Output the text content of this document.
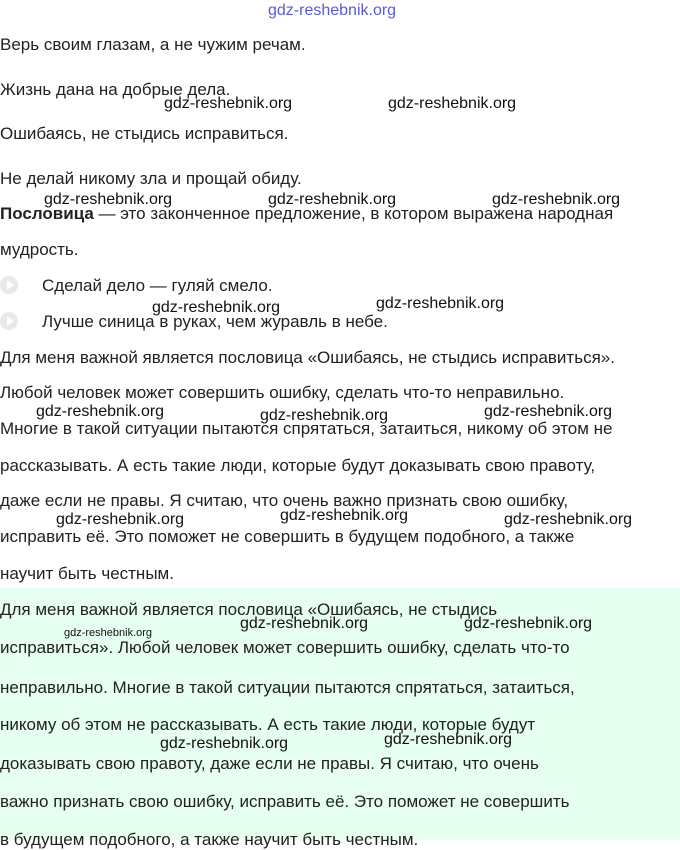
gdz-reshebnik.org
Верь своим глазам, а не чужим речам.
Жизнь дана на добрые дела.
Ошибаясь, не стыдись исправиться.
Не делай никому зла и прощай обиду.
Пословица — это законченное предложение, в котором выражена народная
мудрость.
Сделай дело — гуляй смело.
Лучше синица в руках, чем журавль в небе.
Для меня важной является пословица «Ошибаясь, не стыдись исправиться».
Любой человек может совершить ошибку, сделать что-то неправильно.
Многие в такой ситуации пытаются спрятаться, затаиться, никому об этом не
рассказывать. А есть такие люди, которые будут доказывать свою правоту,
даже если не правы. Я считаю, что очень важно признать свою ошибку,
исправить её. Это поможет не совершить в будущем подобного, а также
научит быть честным.
Для меня важной является пословица «Ошибаясь, не стыдись
исправиться». Любой человек может совершить ошибку, сделать что-то
неправильно. Многие в такой ситуации пытаются спрятаться, затаиться,
никому об этом не рассказывать. А есть такие люди, которые будут
доказывать свою правоту, даже если не правы. Я считаю, что очень
важно признать свою ошибку, исправить её. Это поможет не совершить
в будущем подобного, а также научит быть честным.
gdz-reshebnik.org	gdz-reshebnik.org
gdz-reshebnik.org	gdz-reshebnik.org	gdz-reshebnik.org
gdz-reshebnik.org	gdz-reshebnik.org
gdz-reshebnik.org	gdz-reshebnik.org	gdz-reshebnik.org
gdz-reshebnik.org	gdz-reshebnik.org	gdz-reshebnik.org
gdz-reshebnik.org
gdz-reshebnik.org	gdz-reshebnik.org
gdz-reshebnik.org	gdz-reshebnik.org
